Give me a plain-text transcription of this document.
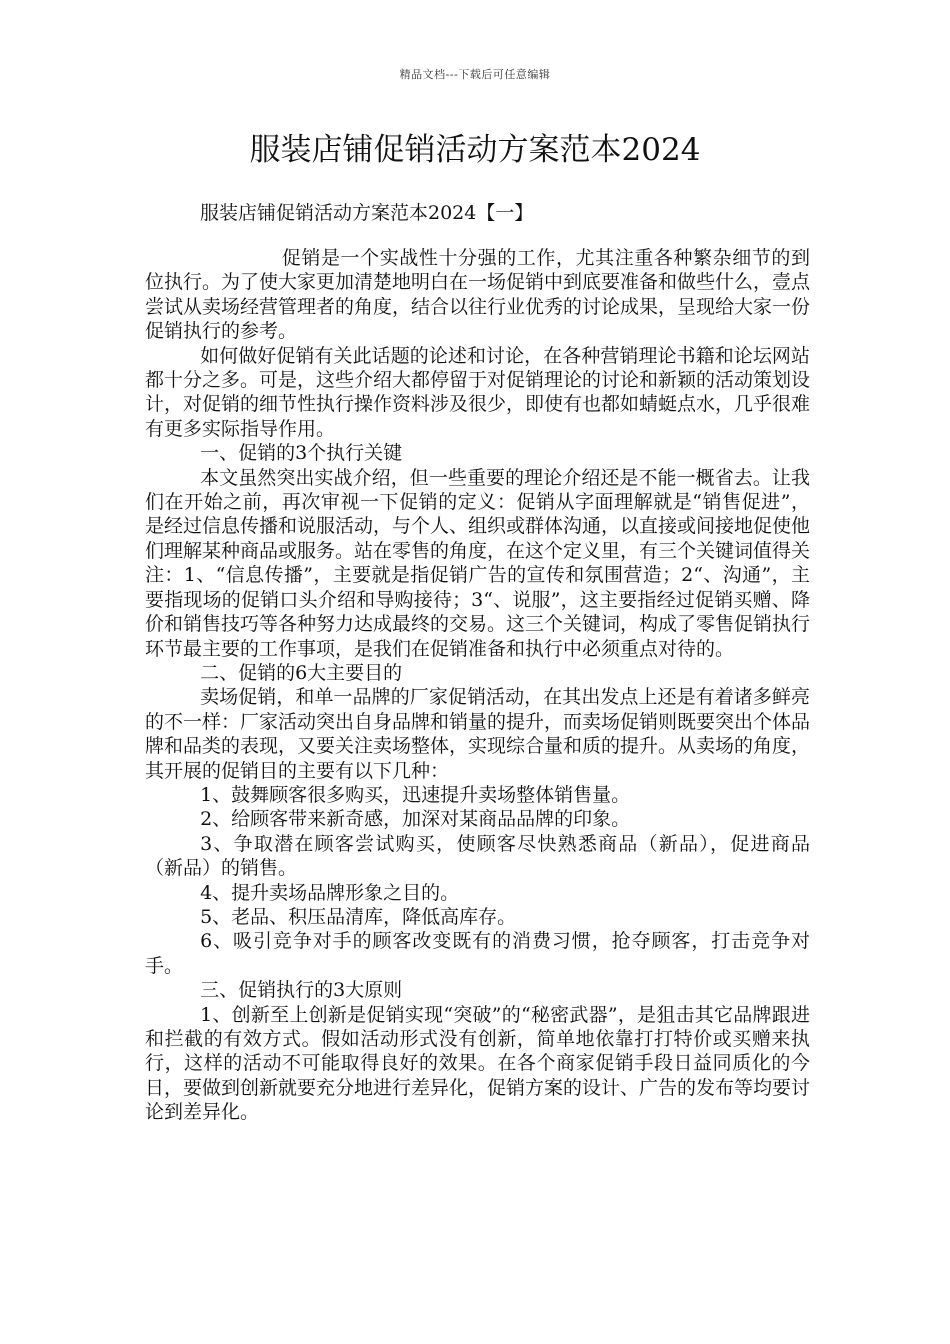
精品文档---下载后可任意编辑
服装店铺促销活动方案范本2024

服装店铺促销活动方案范本2024【一】

促销是一个实战性十分强的工作，尤其注重各种繁杂细节的到位执行。为了使大家更加清楚地明白在一场促销中到底要准备和做些什么，壹点尝试从卖场经营管理者的角度，结合以往行业优秀的讨论成果，呈现给大家一份促销执行的参考。

如何做好促销有关此话题的论述和讨论，在各种营销理论书籍和论坛网站都十分之多。可是，这些介绍大都停留于对促销理论的讨论和新颖的活动策划设计，对促销的细节性执行操作资料涉及很少，即使有也都如蜻蜓点水，几乎很难有更多实际指导作用。

一、促销的3个执行关键

本文虽然突出实战介绍，但一些重要的理论介绍还是不能一概省去。让我们在开始之前，再次审视一下促销的定义：促销从字面理解就是“销售促进”，是经过信息传播和说服活动，与个人、组织或群体沟通，以直接或间接地促使他们理解某种商品或服务。站在零售的角度，在这个定义里，有三个关键词值得关注：1、“信息传播”，主要就是指促销广告的宣传和氛围营造；2“、沟通”，主要指现场的促销口头介绍和导购接待；3“、说服”，这主要指经过促销买赠、降价和销售技巧等各种努力达成最终的交易。这三个关键词，构成了零售促销执行环节最主要的工作事项，是我们在促销准备和执行中必须重点对待的。

二、促销的6大主要目的

卖场促销，和单一品牌的厂家促销活动，在其出发点上还是有着诸多鲜亮的不一样：厂家活动突出自身品牌和销量的提升，而卖场促销则既要突出个体品牌和品类的表现，又要关注卖场整体，实现综合量和质的提升。从卖场的角度，其开展的促销目的主要有以下几种：

1、鼓舞顾客很多购买，迅速提升卖场整体销售量。

2、给顾客带来新奇感，加深对某商品品牌的印象。

3、争取潜在顾客尝试购买，使顾客尽快熟悉商品（新品），促进商品（新品）的销售。

4、提升卖场品牌形象之目的。

5、老品、积压品清库，降低高库存。

6、吸引竞争对手的顾客改变既有的消费习惯，抢夺顾客，打击竞争对手。

三、促销执行的3大原则

1、创新至上创新是促销实现“突破”的“秘密武器”，是狙击其它品牌跟进和拦截的有效方式。假如活动形式没有创新，简单地依靠打打特价或买赠来执行，这样的活动不可能取得良好的效果。在各个商家促销手段日益同质化的今日，要做到创新就要充分地进行差异化，促销方案的设计、广告的发布等均要讨论到差异化。
